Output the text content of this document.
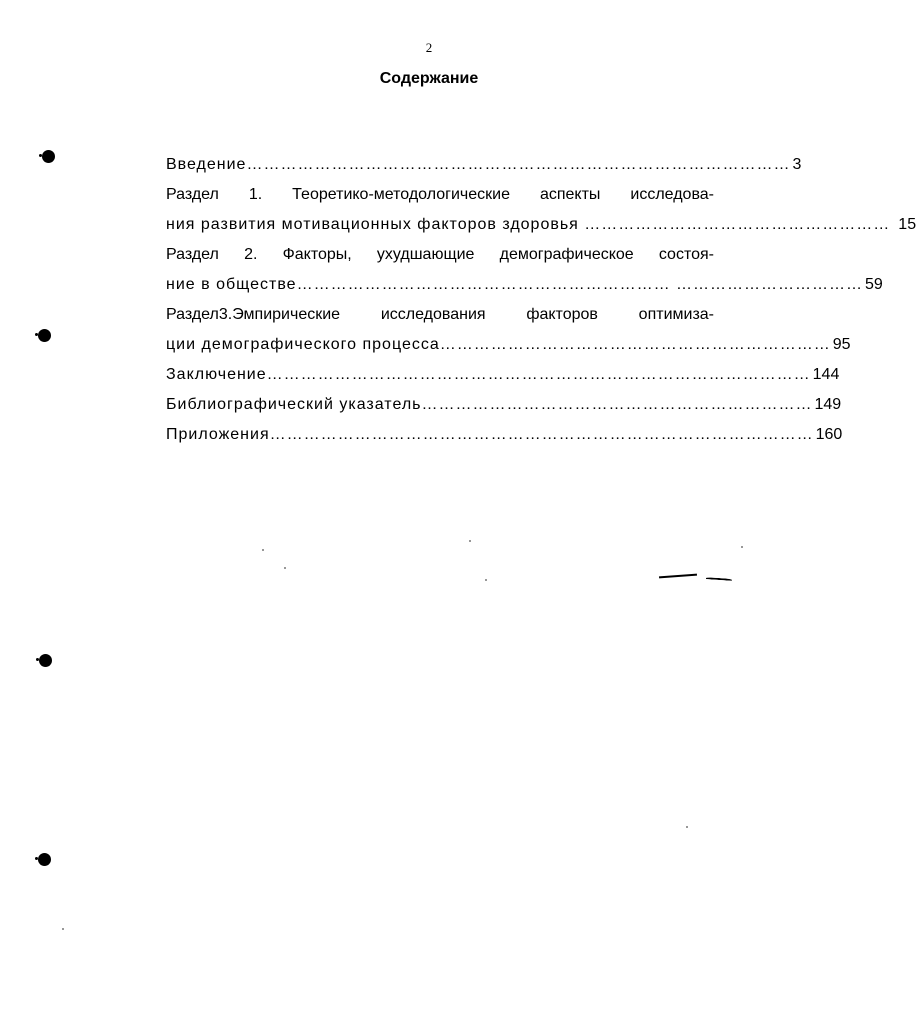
2
Содержание
Введение…………………………………………………………………………………… 3
Раздел 1. Теоретико-методологические аспекты исследова-
ния развития мотивационных факторов здоровья ……………………………………………… 15
Раздел 2. Факторы, ухудшающие демографическое состоя-
ние в обществе………………………………………………………… …………………………… 59
Раздел3.Эмпирические исследования факторов оптимиза-
ции демографического процесса…………………………………………………………… 95
Заключение…………………………………………………………………………………… 144
Библиографический указатель…………………………………………………………… 149
Приложения…………………………………………………………………………………… 160
